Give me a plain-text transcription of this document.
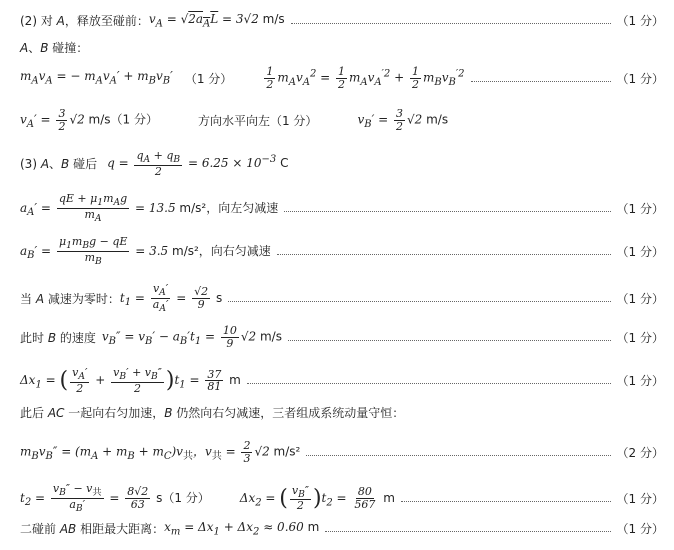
(2) 对 A，释放至碰前： $v_A = √2a_AL = 3√2$ m/s	（1 分）
A、B 碰撞：
$m_Av_A$ = − $m_Av_A' + m_Bv_B'$ （1 分）	$\frac{1}{2} m_Av_A^2 = \frac{1}{2} m_Av_A^{'2} + \frac{1}{2} m_Bv_B^{'2}$	（1 分）
$v_A' = \frac{3}{2} √2$ m/s（1 分）	方向水平向左（1 分）	$v_B' = \frac{3}{2} √2$ m/s
(3) A、B 碰后 $q = \frac{q_A + q_B}{2} = 6.25 \times 10^{-3}$ C
$a_A' = \frac{qE + \mu_1m_Ag}{m_A} = 13.5$ m/s²，向左匀减速	（1 分）
$a_B' = \frac{\mu_1m_Bg - qE}{m_B} = 3.5$ m/s²，向右匀减速	（1 分）
当 A 减速为零时： $t_1 = \frac{v_A'}{a_A'} = \frac{√2}{9}$ s	（1 分）
此时 B 的速度 $v_B'' = v_B' - a_B't_1 = \frac{10}{9} √2$ m/s	（1 分）
$\Delta x_1$ = ( $\frac{v_A'}{2} + \frac{v_B' + v_B''}{2} )t_1 = \frac{37}{81}$ m	（1 分）
此后 AC 一起向右匀加速，B 仍然向右匀减速，三者组成系统动量守恒：
$m_Bv_B'' = (m_A + m_B + m_C)v_共$，$v_共 = \frac{2}{3} √2$ m/s²	（2 分）
$t_2 = \frac{v_B'' - v_共}{a_B'} = \frac{8√2}{63} s(1$ 分）	$\Delta x_2$ = ( $\frac{v_B''}{2} )t_2 = \frac{80}{567}$ m	（1 分）
二碰前 AB 相距最大距离： $x_m = \Delta x_1 + \Delta x_2 \approx 0.60$ m	（1 分）
